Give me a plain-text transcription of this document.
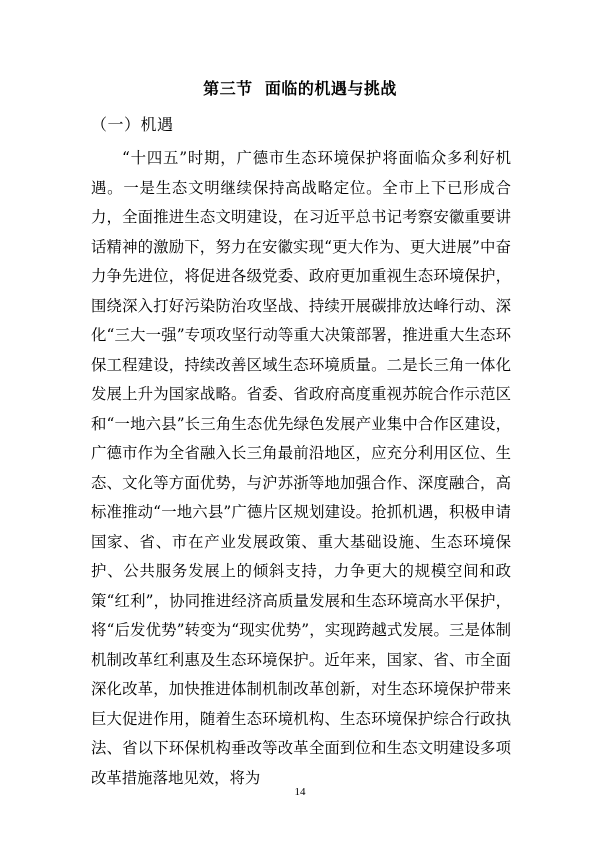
第三节  面临的机遇与挑战
（一）机遇

“十四五”时期，广德市生态环境保护将面临众多利好机遇。一是生态文明继续保持高战略定位。全市上下已形成合力，全面推进生态文明建设，在习近平总书记考察安徽重要讲话精神的激励下，努力在安徽实现“更大作为、更大进展”中奋力争先进位，将促进各级党委、政府更加重视生态环境保护，围绕深入打好污染防治攻坚战、持续开展碳排放达峰行动、深化“三大一强”专项攻坚行动等重大决策部署，推进重大生态环保工程建设，持续改善区域生态环境质量。二是长三角一体化发展上升为国家战略。省委、省政府高度重视苏皖合作示范区和“一地六县”长三角生态优先绿色发展产业集中合作区建设，广德市作为全省融入长三角最前沿地区，应充分利用区位、生态、文化等方面优势，与沪苏浙等地加强合作、深度融合，高标准推动“一地六县”广德片区规划建设。抢抓机遇，积极申请国家、省、市在产业发展政策、重大基础设施、生态环境保护、公共服务发展上的倾斜支持，力争更大的规模空间和政策“红利”，协同推进经济高质量发展和生态环境高水平保护，将“后发优势”转变为“现实优势”，实现跨越式发展。三是体制机制改革红利惠及生态环境保护。近年来，国家、省、市全面深化改革，加快推进体制机制改革创新，对生态环境保护带来巨大促进作用，随着生态环境机构、生态环境保护综合行政执法、省以下环保机构垂改等改革全面到位和生态文明建设多项改革措施落地见效，将为

14
